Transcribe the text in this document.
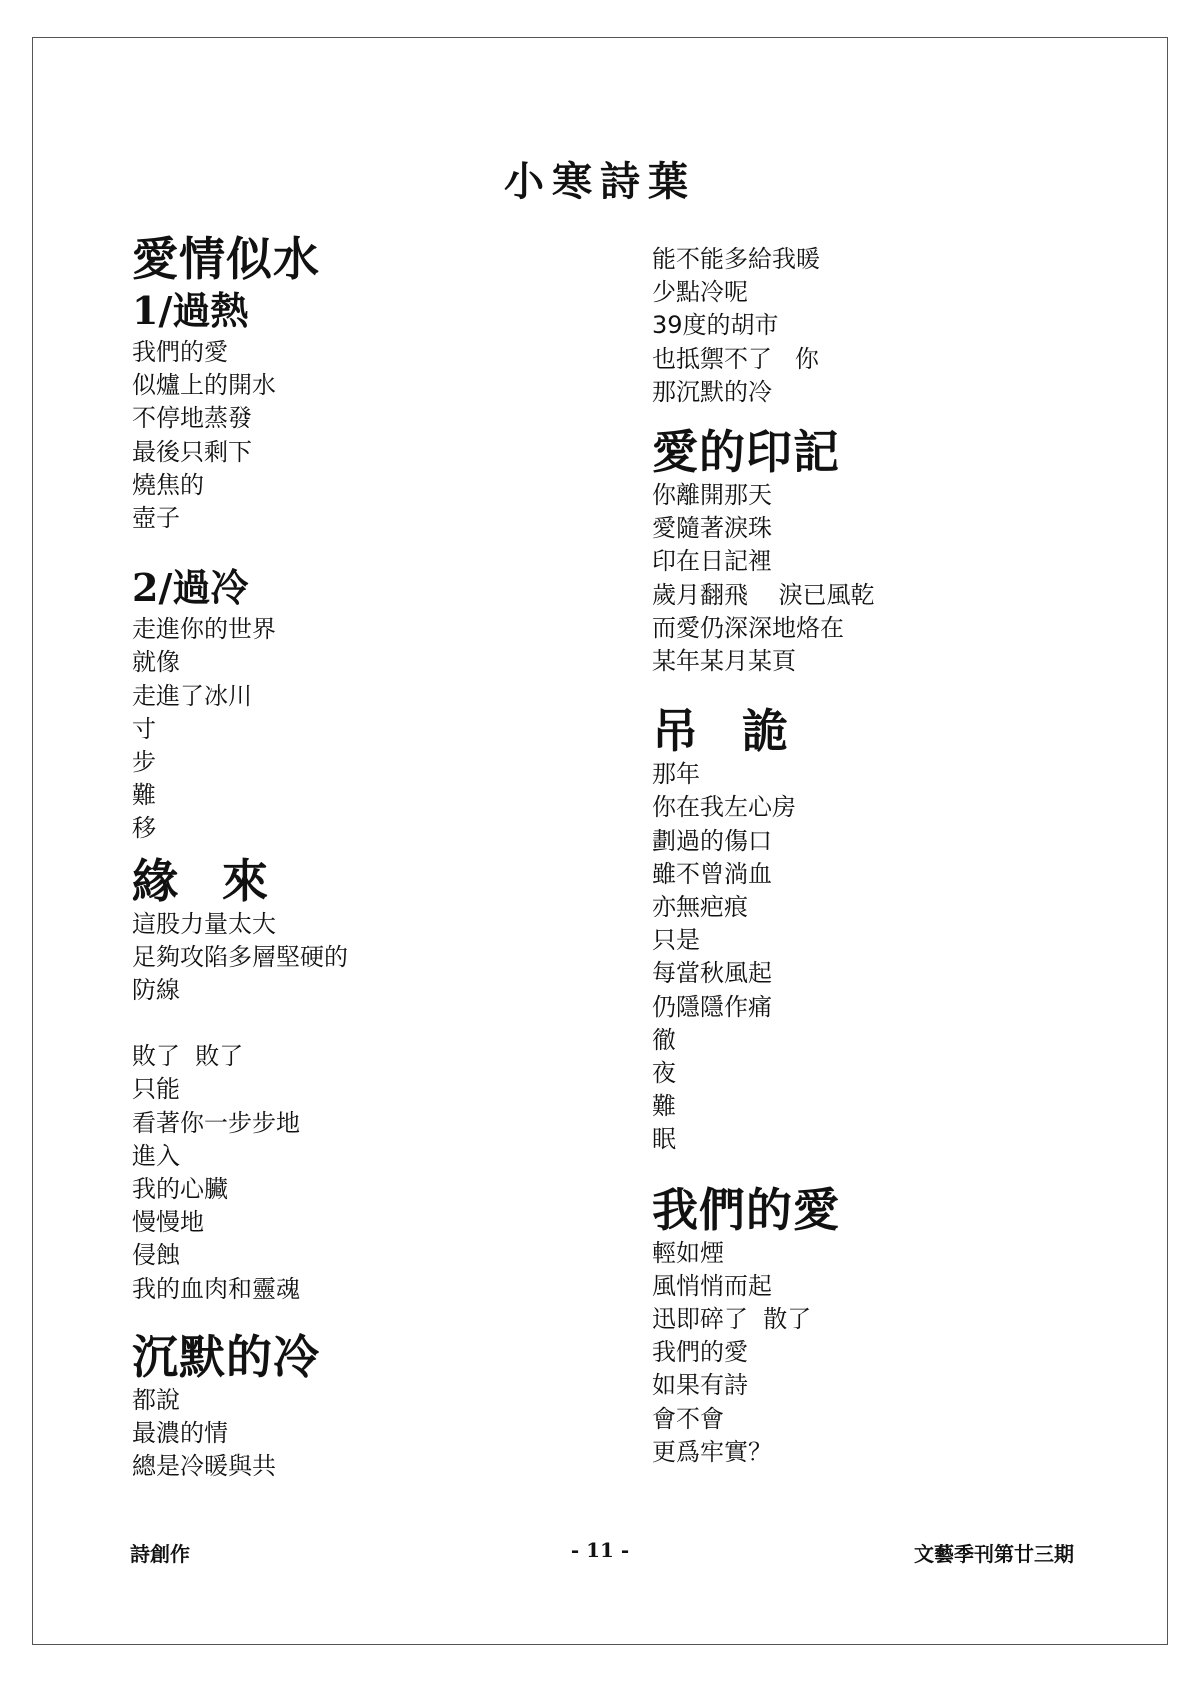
小寒詩葉
愛情似水
1/過熱
我們的愛
似爐上的開水
不停地蒸發
最後只剩下
燒焦的
壺子
2/過冷
走進你的世界
就像
走進了冰川
寸
步
難
移
緣 來
這股力量太大
足夠攻陷多層堅硬的
防線
敗了  敗了
只能
看著你一步步地
進入
我的心臟
慢慢地
侵蝕
我的血肉和靈魂
沉默的冷
都說
最濃的情
總是冷暖與共
能不能多給我暖
少點冷呢
39度的胡市
也抵禦不了   你
那沉默的冷
愛的印記
你離開那天
愛隨著淚珠
印在日記裡
歲月翻飛    淚已風乾
而愛仍深深地烙在
某年某月某頁
吊 詭
那年
你在我左心房
劃過的傷口
雖不曾淌血
亦無疤痕
只是
每當秋風起
仍隱隱作痛
徹
夜
難
眠
我們的愛
輕如煙
風悄悄而起
迅即碎了  散了
我們的愛
如果有詩
會不會
更爲牢實？
詩創作	- 11 -	文藝季刊第廿三期
